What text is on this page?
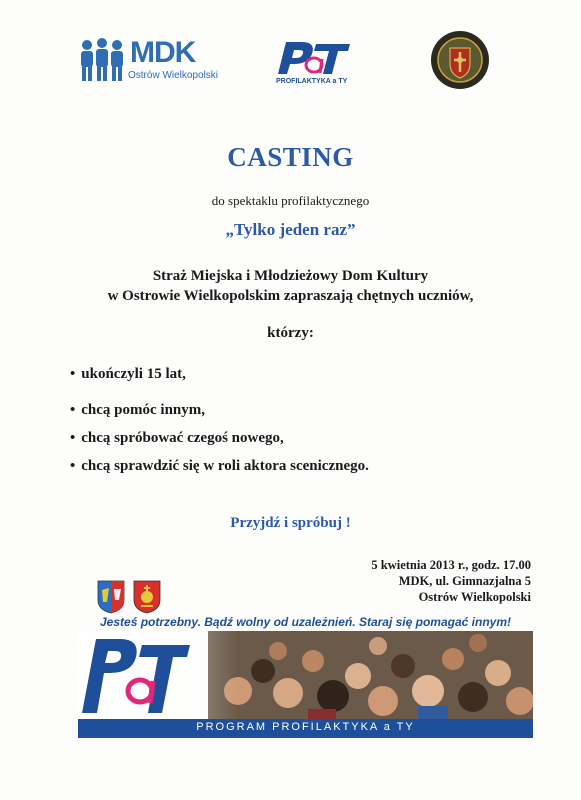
MDK
Ostrów Wielkopolski
PROFILAKTYKA a TY
CASTING
do spektaklu profilaktycznego
„Tylko jeden raz”
Straż Miejska i Młodzieżowy Dom Kultury
w Ostrowie Wielkopolskim zapraszają chętnych uczniów,
którzy:
• ukończyli 15 lat,
• chcą pomóc innym,
• chcą spróbować czegoś nowego,
• chcą sprawdzić się w roli aktora scenicznego.
Przyjdź i spróbuj !
5 kwietnia 2013 r., godz. 17.00
MDK, ul. Gimnazjalna 5
Ostrów Wielkopolski
Jesteś potrzebny. Bądź wolny od uzależnień. Staraj się pomagać innym!
PROGRAM PROFILAKTYKA a TY
